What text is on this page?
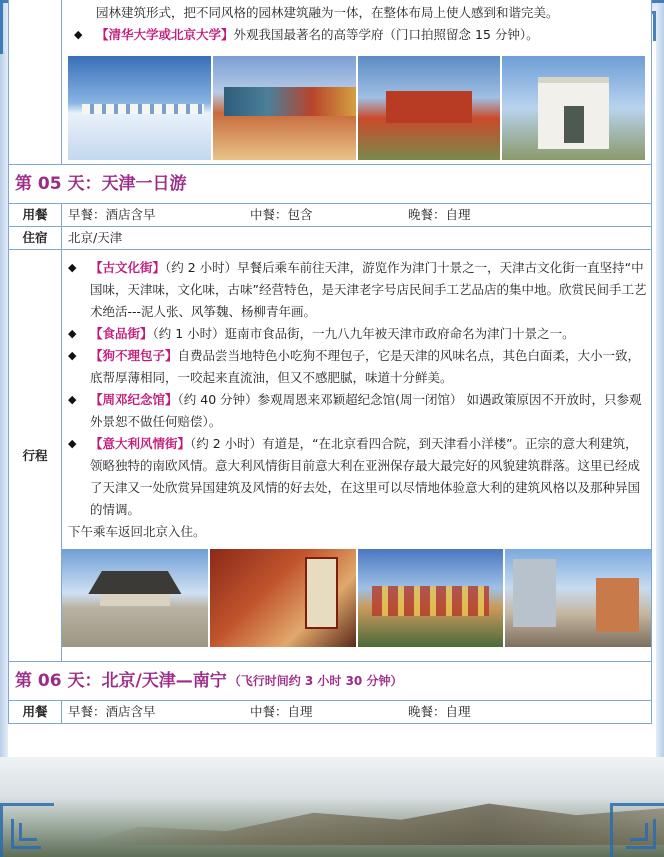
园林建筑形式，把不同风格的园林建筑融为一体，在整体布局上使人感到和谐完美。
◆ 【清华大学或北京大学】外观我国最著名的高等学府（门口拍照留念 15 分钟）。
第 05 天：天津一日游
用餐	早餐：酒店含早	中餐：包含	晚餐：自理
住宿	北京/天津
行程
◆ 【古文化街】（约 2 小时）早餐后乘车前往天津，游览作为津门十景之一，天津古文化街一直坚持“中国味，天津味，文化味，古味”经营特色，是天津老字号店民间手工艺品店的集中地。欣赏民间手工艺术绝活---泥人张、风筝魏、杨柳青年画。
◆ 【食品街】（约 1 小时）逛南市食品街，一九八九年被天津市政府命名为津门十景之一。
◆ 【狗不理包子】自费品尝当地特色小吃狗不理包子，它是天津的风味名点，其色白面柔，大小一致，底帮厚薄相同，一咬起来直流油，但又不感肥腻，味道十分鲜美。
◆ 【周邓纪念馆】（约 40 分钟）参观周恩来邓颖超纪念馆(周一闭馆） 如遇政策原因不开放时，只参观外景恕不做任何赔偿）。
◆ 【意大利风情街】（约 2 小时）有道是，“在北京看四合院，到天津看小洋楼”。正宗的意大利建筑，领略独特的南欧风情。意大利风情街目前意大利在亚洲保存最大最完好的风貌建筑群落。这里已经成了天津又一处欣赏异国建筑及风情的好去处，在这里可以尽情地体验意大利的建筑风格以及那种异国的情调。
下午乘车返回北京入住。
第 06 天：北京/天津—南宁 （飞行时间约 3 小时 30 分钟）
用餐	早餐：酒店含早	中餐：自理	晚餐：自理
